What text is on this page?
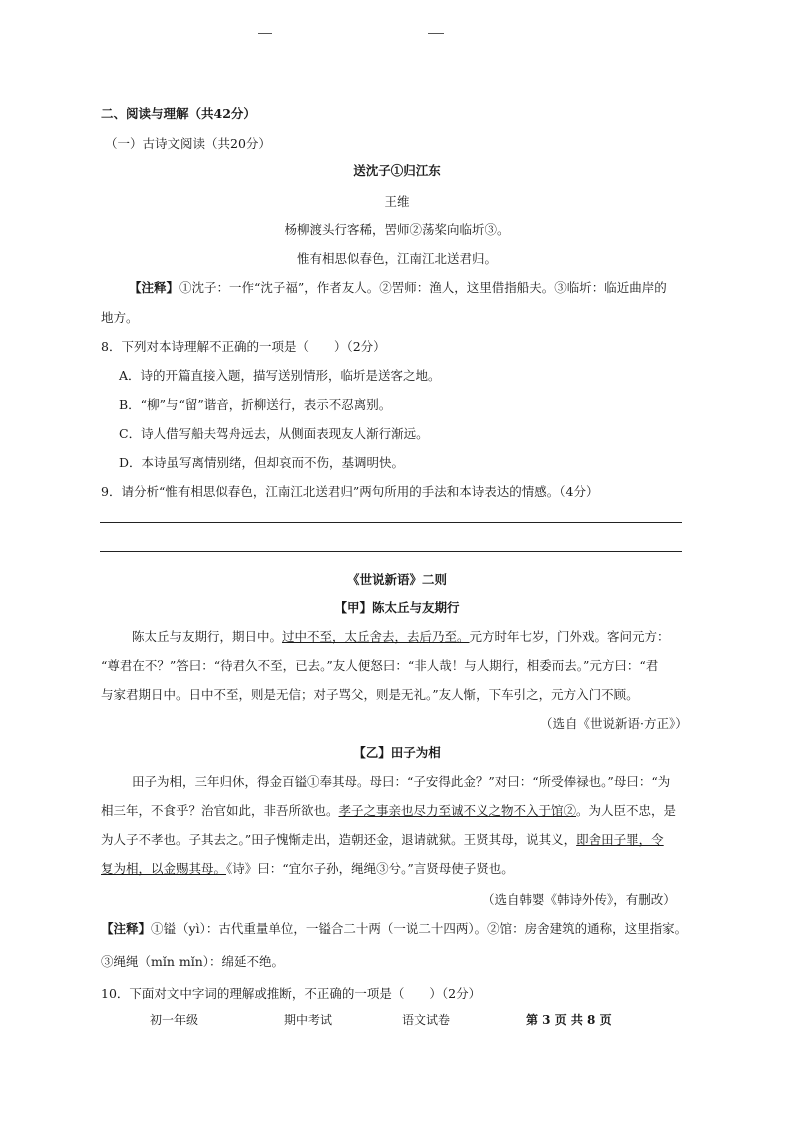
二、阅读与理解（共42分）
（一）古诗文阅读（共20分）
送沈子①归江东
王维
杨柳渡头行客稀，罟师②荡桨向临圻③。
惟有相思似春色，江南江北送君归。
【注释】①沈子：一作“沈子福”，作者友人。②罟师：渔人，这里借指船夫。③临圻：临近曲岸的
地方。
8．下列对本诗理解不正确的一项是（　　）（2分）
A．诗的开篇直接入题，描写送别情形，临圻是送客之地。
B．“柳”与“留”谐音，折柳送行，表示不忍离别。
C．诗人借写船夫驾舟远去，从侧面表现友人渐行渐远。
D．本诗虽写离情别绪，但却哀而不伤，基调明快。
9．请分析“惟有相思似春色，江南江北送君归”两句所用的手法和本诗表达的情感。（4分）
《世说新语》二则
【甲】陈太丘与友期行
陈太丘与友期行，期日中。过中不至，太丘舍去，去后乃至。元方时年七岁，门外戏。客问元方：
“尊君在不？”答曰：“待君久不至，已去。”友人便怒曰：“非人哉！与人期行，相委而去。”元方曰：“君
与家君期日中。日中不至，则是无信；对子骂父，则是无礼。”友人惭，下车引之，元方入门不顾。
（选自《世说新语·方正》）
【乙】田子为相
田子为相，三年归休，得金百镒①奉其母。母曰：“子安得此金？”对曰：“所受俸禄也。”母曰：“为
相三年，不食乎？治官如此，非吾所欲也。孝子之事亲也尽力至诚不义之物不入于馆②。为人臣不忠，是
为人子不孝也。子其去之。”田子愧惭走出，造朝还金，退请就狱。王贤其母，说其义，即舍田子罪，令
复为相，以金赐其母。《诗》曰：“宜尔子孙，绳绳③兮。”言贤母使子贤也。
（选自韩婴《韩诗外传》，有删改）
【注释】①镒（yì）：古代重量单位，一镒合二十两（一说二十四两）。②馆：房舍建筑的通称，这里指家。
③绳绳（mǐn mǐn）：绵延不绝。
10．下面对文中字词的理解或推断，不正确的一项是（　　）（2分）
初一年级	期中考试	语文试卷	第 3 页 共 8 页
